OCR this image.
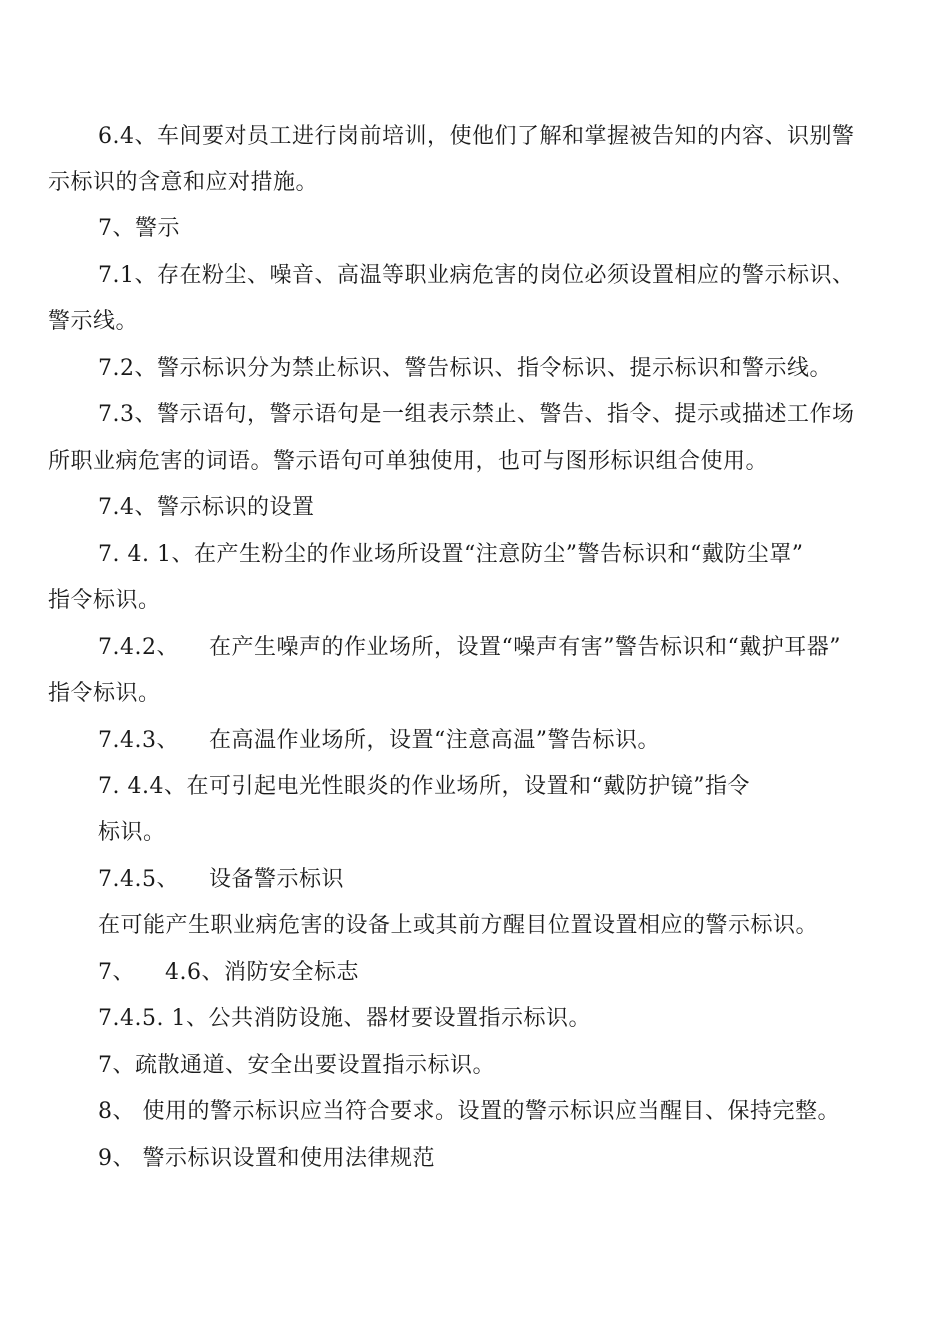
6.4、车间要对员工进行岗前培训，使他们了解和掌握被告知的内容、识别警
示标识的含意和应对措施。
7、警示
7.1、存在粉尘、噪音、高温等职业病危害的岗位必须设置相应的警示标识、
警示线。
7.2、警示标识分为禁止标识、警告标识、指令标识、提示标识和警示线。
7.3、警示语句，警示语句是一组表示禁止、警告、指令、提示或描述工作场
所职业病危害的词语。警示语句可单独使用，也可与图形标识组合使用。
7.4、警示标识的设置
7. 4. 1、在产生粉尘的作业场所设置“注意防尘”警告标识和“戴防尘罩”
指令标识。
7.4.2、    在产生噪声的作业场所，设置“噪声有害”警告标识和“戴护耳器”
指令标识。
7.4.3、    在高温作业场所，设置“注意高温”警告标识。
7. 4.4、在可引起电光性眼炎的作业场所，设置和“戴防护镜”指令
标识。
7.4.5、    设备警示标识
在可能产生职业病危害的设备上或其前方醒目位置设置相应的警示标识。
7、    4.6、消防安全标志
7.4.5. 1、公共消防设施、器材要设置指示标识。
7、疏散通道、安全出要设置指示标识。
8、 使用的警示标识应当符合要求。设置的警示标识应当醒目、保持完整。
9、 警示标识设置和使用法律规范
